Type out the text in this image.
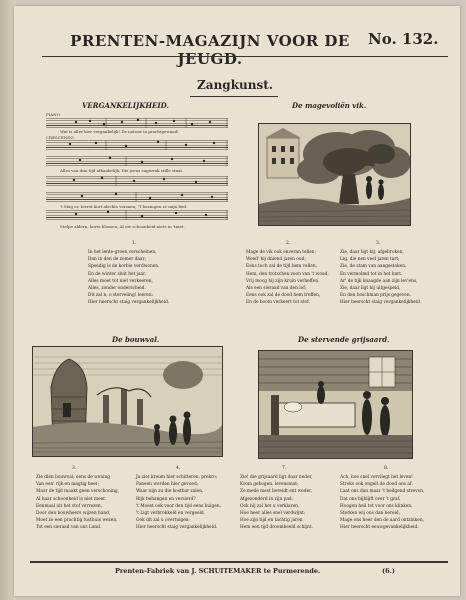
PRENTEN-MAGAZIJN VOOR DE JEUGD.
No. 132.
Zangkunst.
VERGANKELIJKHEID.	De magevoliën vik.
PIANO.
Wat is aller kier vergankelijk! De natuur in prachtgewaad!
CRESCENDO.
Alles van dun tijd afhankelijk, Die jeens sugwenk stille staat.
't Mag er, Ieerst kort alechts verzaen; 'T bezingen ze mijn lied.
Stelpe aldern, korte blossen, Al uw schoonheid niets in 'tniet.
1.
In het lente-groen verscheinen,
Dan in den de zomer daar;
Spoedig is de korbie verdwenen,
En de winter sluit het jaar.
Alles moet tot niet verkeeren,
Alles, zonder onderscheid.
Dit zal n, o sterveling! leeren:
Hier heerscht staig vergankelijkheid.
2.
Mage de vik ook enveran tellen;
Weed' hij dniend jaren oud;
Eens tuch zal de tijd hem vellen,
Hem, den trotschen zoon van 't woud.
Vrij mocg hij zijn kruin verheffen,
Als een sieraad van den lof;
Eens ook zal de dood hem treffen,
En de boom verkeert tot stof.
3.
Zie, daar ligt bij, afgebroken,
Lig, die nen veel jaren tart;
Zie, de stam van aangestoken,
En vermolmd tot in het hart.
Ar' de tijk knaagde aan zijn lev'ens,
Zie, daar ligt hij uitgespeid,
En den boschman prijs gegeven.
Hier heerscht staig vergankelijkheid.
De bouwval.	De stervende grijsaard.
3.
Zie dien bouwval; eens de woning
Van een' rijk en magtig heer;
Maar de tijd maakt geen verschoning,
Al haar schoonheid is niet meer.
Eenmaal uit het stof verrezen,
Door den bouwheers wijzen hand,
Moet ze een prachtig lusthuis wezen,
Tot een sieraad van ons Land.
4.
Ja ziet kreum hier schitteren, prekro;
Paneen worden hier gevoed;
Waar nijn zu die kostbar zalen,
Rijk behangen en versierd?
't Moest ook voor den tijd eens buigen,
't Ligt verbrokkeld en vergeeld.
Ook dit zal u overtuigen:
Hier heerscht staig vergankelijkheid.
7.
Zie! die grijsaard ligt daar neder,
Krom gebogen, levensmat;
Ze mede mest bereidt ent weder,
Afgezonderd in zijn pad.
Ook hij zal het u verklaren,
Hoe heer alles snel verdwijnt;
Hoe zijn tijd en tachtig jaren
Hem een tijd droombeeld schijnt.
8.
Ach, hoe snel vervliegt het leven!
Stroks ook ongelt de dood ons af.
Laat ons dan maar 't heilgend streven,
Dat ons bijblijft over 't graf.
Hoogen heil tot voor ons klinken,
Sterken wij ons dan bereid,
Mage ons heer den de aard ontzinken,
Hier heerscht eeuwgevankelijkheid.
Prenten-Fabriek van J. SCHUITEMAKER te Purmerende.	(6.)
